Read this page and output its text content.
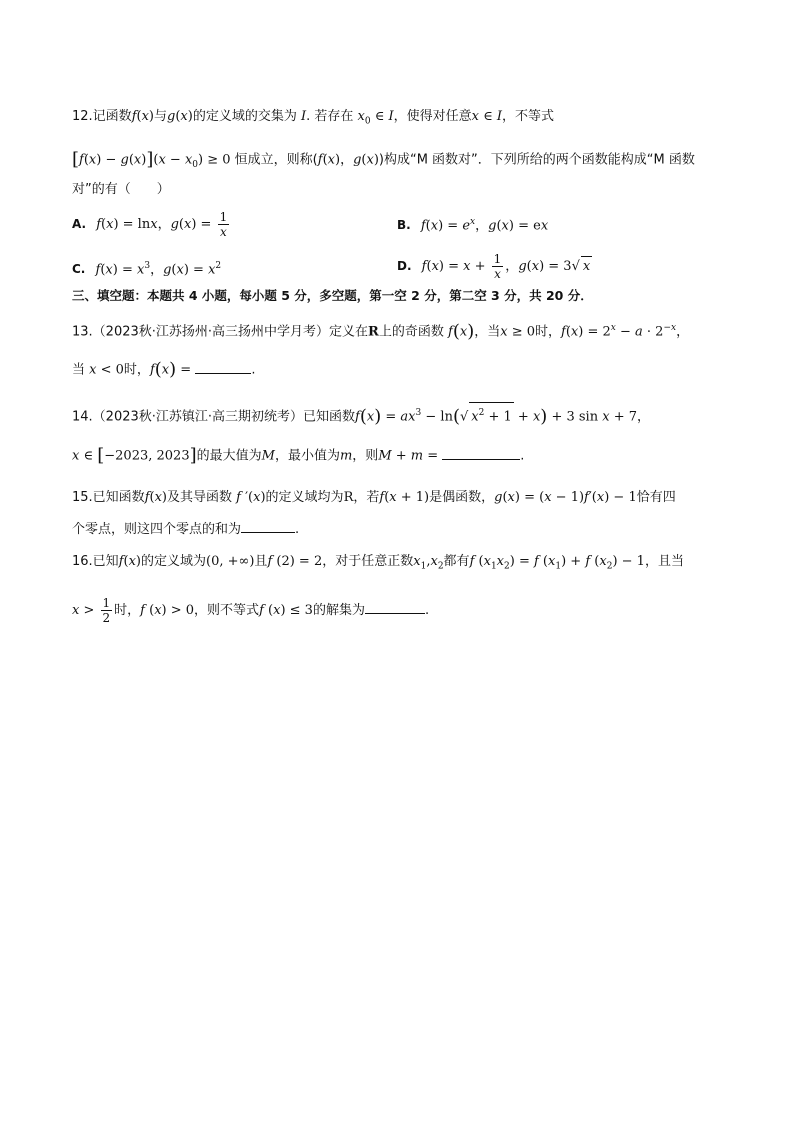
12.记函数f(x)与g(x)的定义域的交集为 I. 若存在 $x_0$ ∈ I，使得对任意x ∈ I，不等式
$[f(x) - g(x)](x - x_0) \ge 0$ 恒成立，则称(f(x)，g(x))构成“M 函数对”．下列所给的两个函数能构成“M 函数
对”的有（　　）
A. f(x) = lnx，$g(x) = \frac{1}{x}$	B. $f(x) = e^x$，g(x) = ex
C. $f(x) = x^3$，$g(x) = x^2$	D. $f(x) = x + \frac{1}{x}$ ，g(x) = 3√ x
三、填空题：本题共 4 小题，每小题 5 分，多空题，第一空 2 分，第二空 3 分，共 20 分．
13.（2023秋·江苏扬州·高三扬州中学月考）定义在R上的奇函数 f(x)，当x ≥ 0时，$f(x) = 2^x - a \cdot 2^{-x}$，
当 x < 0时，f(x) =	.
14.（2023秋·江苏镇江·高三期初统考）已知函数$f(x) = ax^3 - \ln(√$ $x^2 + 1 + x) + 3$ sin x + 7，
x ∈ [−2023, 2023]的最大值为M，最小值为m，则M + m =	.
15.已知函数f(x)及其导函数 f ′(x)的定义域均为R，若f(x + 1)是偶函数，g(x) = (x − 1)f′(x) − 1恰有四
个零点，则这四个零点的和为	.
16.已知f(x)的定义域为(0, +∞)且f (2) = 2，对于任意正数$x_1,x_2$都有f $(x_1x_2) = f$ $(x_1) + f$ $(x_2) - 1$，且当
$x > \frac{1}{2}$ 时，f (x) > 0，则不等式f (x) ≤ 3的解集为	.
